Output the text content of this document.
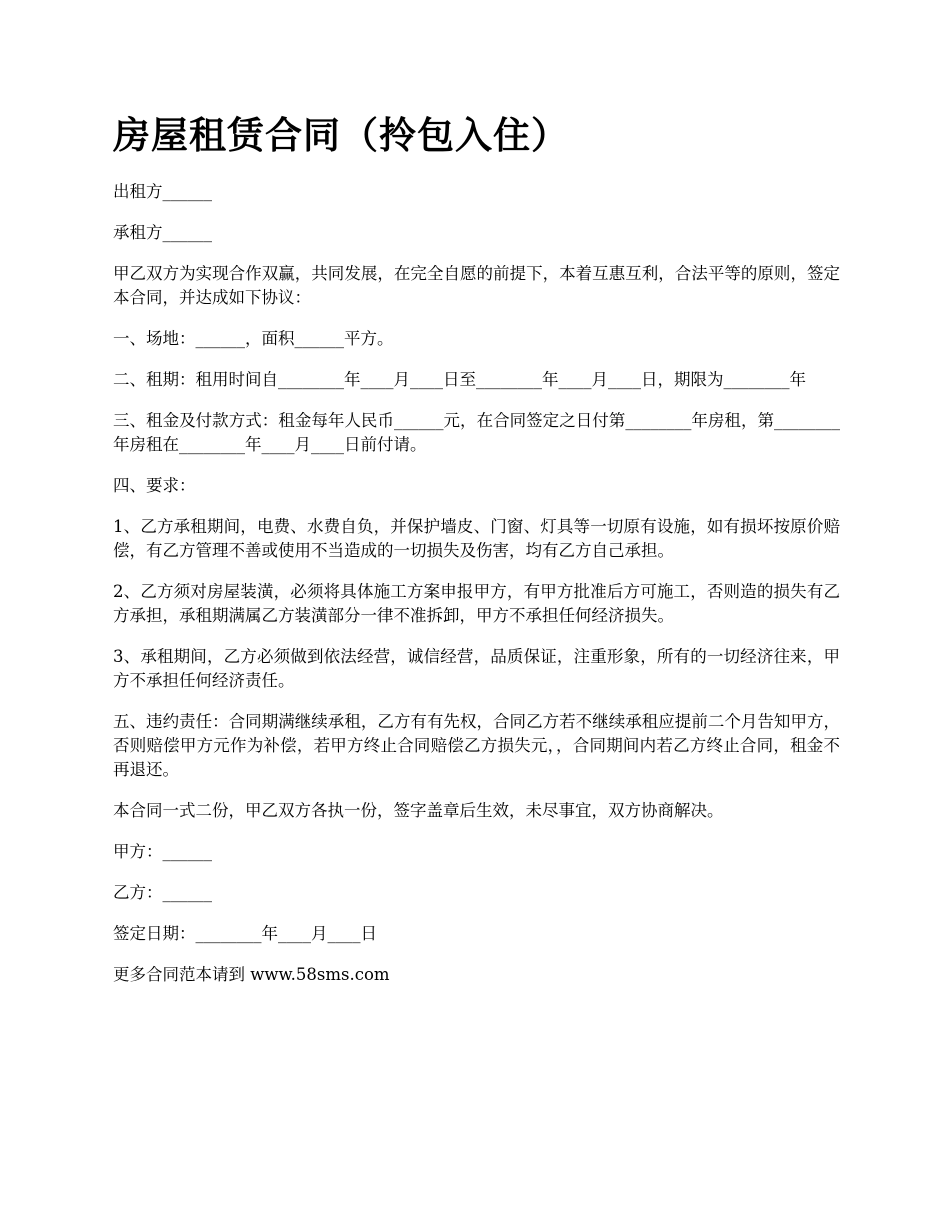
房屋租赁合同（拎包入住）

出租方______

承租方______

甲乙双方为实现合作双赢，共同发展，在完全自愿的前提下，本着互惠互利，合法平等的原则，签定本合同，并达成如下协议：

一、场地：______，面积______平方。

二、租期：租用时间自________年____月____日至________年____月____日，期限为________年

三、租金及付款方式：租金每年人民币______元，在合同签定之日付第________年房租，第________年房租在________年____月____日前付请。

四、要求：

1、乙方承租期间，电费、水费自负，并保护墙皮、门窗、灯具等一切原有设施，如有损坏按原价赔偿，有乙方管理不善或使用不当造成的一切损失及伤害，均有乙方自己承担。

2、乙方须对房屋装潢，必须将具体施工方案申报甲方，有甲方批准后方可施工，否则造的损失有乙方承担，承租期满属乙方装潢部分一律不准拆卸，甲方不承担任何经济损失。

3、承租期间，乙方必须做到依法经营，诚信经营，品质保证，注重形象，所有的一切经济往来，甲方不承担任何经济责任。

五、违约责任：合同期满继续承租，乙方有有先权，合同乙方若不继续承租应提前二个月告知甲方，否则赔偿甲方元作为补偿，若甲方终止合同赔偿乙方损失元，，合同期间内若乙方终止合同，租金不再退还。

本合同一式二份，甲乙双方各执一份，签字盖章后生效，未尽事宜，双方协商解决。

甲方：______

乙方：______

签定日期：________年____月____日

更多合同范本请到 www.58sms.com
